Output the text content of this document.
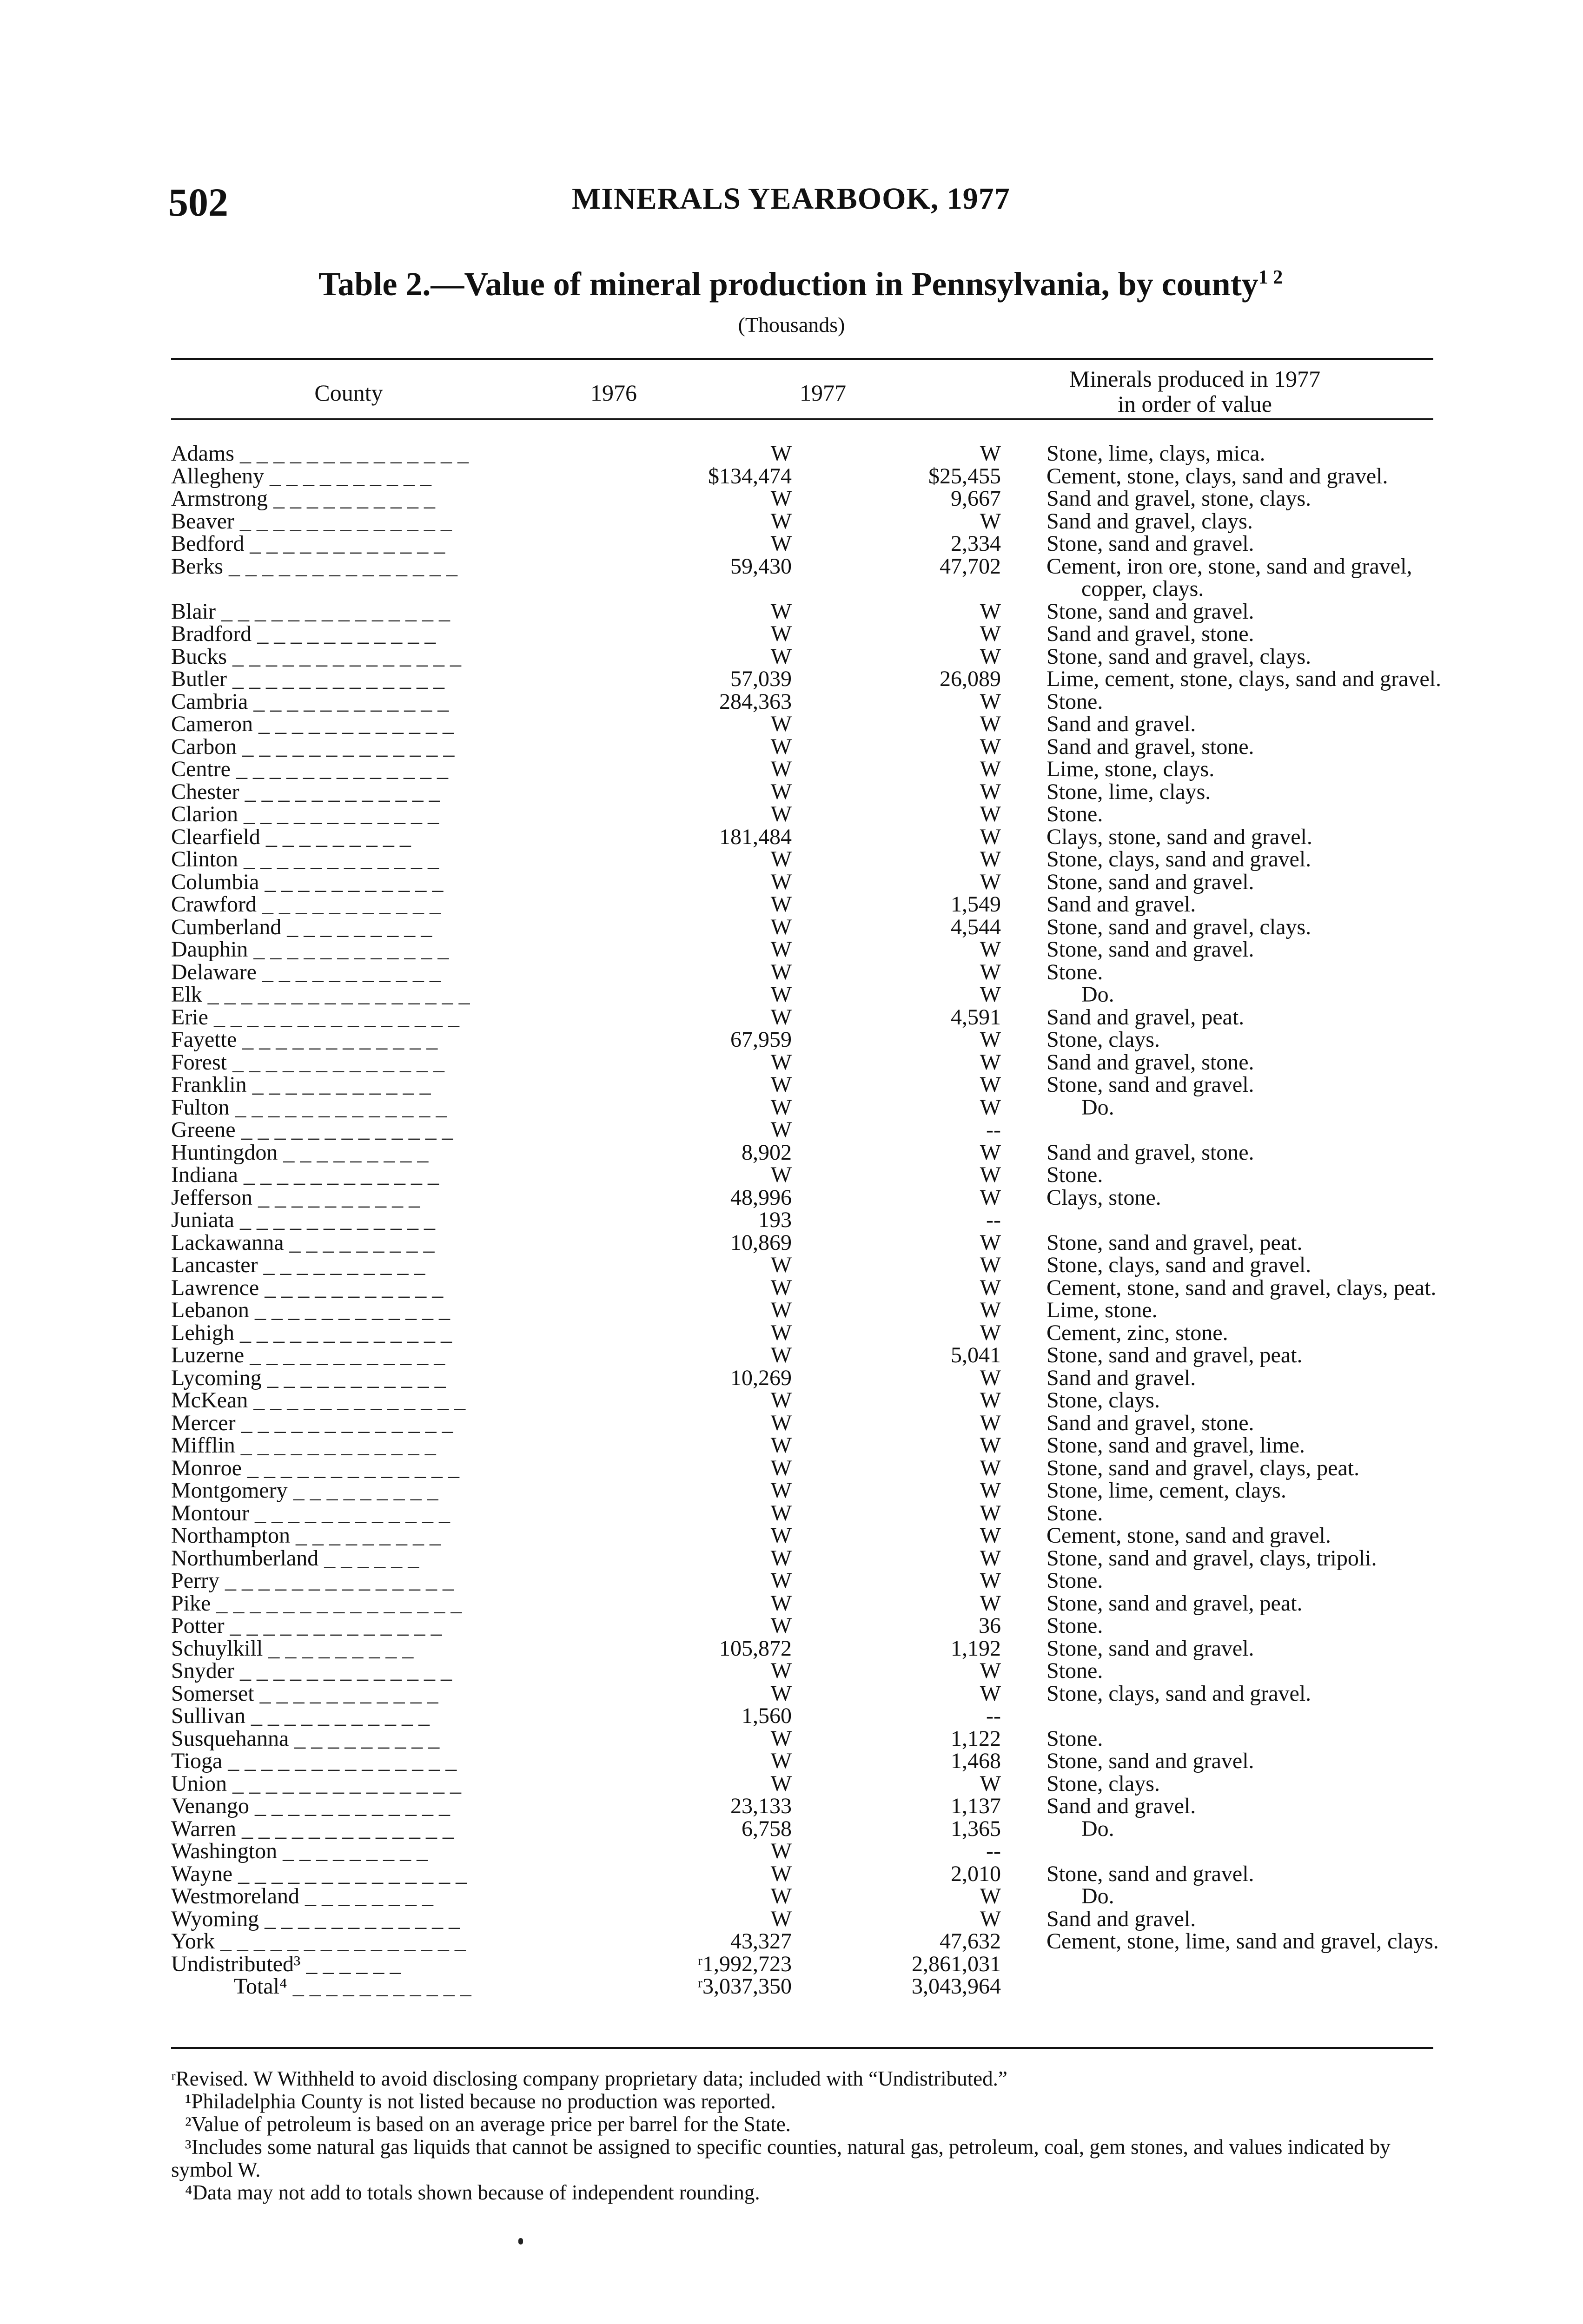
502	MINERALS YEARBOOK, 1977
Table 2.—Value of mineral production in Pennsylvania, by county$^{1 2}$
(Thousands)
County	1976	1977
Minerals produced in 1977
in order of value
Adams _ _ _ _ _ _ _ _ _ _ _ _ _ _	W	W	Stone, lime, clays, mica.

Allegheny _ _ _ _ _ _ _ _ _ _	$134,474	$25,455	Cement, stone, clays, sand and gravel.

Armstrong _ _ _ _ _ _ _ _ _ _	W	9,667	Sand and gravel, stone, clays.

Beaver _ _ _ _ _ _ _ _ _ _ _ _ _	W	W	Sand and gravel, clays.

Bedford _ _ _ _ _ _ _ _ _ _ _ _	W	2,334	Stone, sand and gravel.

Berks _ _ _ _ _ _ _ _ _ _ _ _ _ _	59,430	47,702	Cement, iron ore, stone, sand and gravel,
copper, clays.

Blair _ _ _ _ _ _ _ _ _ _ _ _ _ _	W	W	Stone, sand and gravel.

Bradford _ _ _ _ _ _ _ _ _ _ _	W	W	Sand and gravel, stone.

Bucks _ _ _ _ _ _ _ _ _ _ _ _ _ _	W	W	Stone, sand and gravel, clays.

Butler _ _ _ _ _ _ _ _ _ _ _ _ _	57,039	26,089	Lime, cement, stone, clays, sand and gravel.

Cambria _ _ _ _ _ _ _ _ _ _ _ _	284,363	W	Stone.

Cameron _ _ _ _ _ _ _ _ _ _ _ _	W	W	Sand and gravel.

Carbon _ _ _ _ _ _ _ _ _ _ _ _ _	W	W	Sand and gravel, stone.

Centre _ _ _ _ _ _ _ _ _ _ _ _ _	W	W	Lime, stone, clays.

Chester _ _ _ _ _ _ _ _ _ _ _ _	W	W	Stone, lime, clays.

Clarion _ _ _ _ _ _ _ _ _ _ _ _	W	W	Stone.

Clearfield _ _ _ _ _ _ _ _ _	181,484	W	Clays, stone, sand and gravel.

Clinton _ _ _ _ _ _ _ _ _ _ _ _	W	W	Stone, clays, sand and gravel.

Columbia _ _ _ _ _ _ _ _ _ _ _	W	W	Stone, sand and gravel.

Crawford _ _ _ _ _ _ _ _ _ _ _	W	1,549	Sand and gravel.

Cumberland _ _ _ _ _ _ _ _ _	W	4,544	Stone, sand and gravel, clays.

Dauphin _ _ _ _ _ _ _ _ _ _ _ _	W	W	Stone, sand and gravel.

Delaware _ _ _ _ _ _ _ _ _ _ _	W	W	Stone.

Elk _ _ _ _ _ _ _ _ _ _ _ _ _ _ _ _	W	W	Do.

Erie _ _ _ _ _ _ _ _ _ _ _ _ _ _ _	W	4,591	Sand and gravel, peat.

Fayette _ _ _ _ _ _ _ _ _ _ _ _	67,959	W	Stone, clays.

Forest _ _ _ _ _ _ _ _ _ _ _ _ _	W	W	Sand and gravel, stone.

Franklin _ _ _ _ _ _ _ _ _ _ _	W	W	Stone, sand and gravel.

Fulton _ _ _ _ _ _ _ _ _ _ _ _ _	W	W	Do.

Greene _ _ _ _ _ _ _ _ _ _ _ _ _	W	--	

Huntingdon _ _ _ _ _ _ _ _ _	8,902	W	Sand and gravel, stone.

Indiana _ _ _ _ _ _ _ _ _ _ _ _	W	W	Stone.

Jefferson _ _ _ _ _ _ _ _ _ _	48,996	W	Clays, stone.

Juniata _ _ _ _ _ _ _ _ _ _ _ _	193	--	

Lackawanna _ _ _ _ _ _ _ _ _	10,869	W	Stone, sand and gravel, peat.

Lancaster _ _ _ _ _ _ _ _ _ _	W	W	Stone, clays, sand and gravel.

Lawrence _ _ _ _ _ _ _ _ _ _ _	W	W	Cement, stone, sand and gravel, clays, peat.

Lebanon _ _ _ _ _ _ _ _ _ _ _ _	W	W	Lime, stone.

Lehigh _ _ _ _ _ _ _ _ _ _ _ _ _	W	W	Cement, zinc, stone.

Luzerne _ _ _ _ _ _ _ _ _ _ _ _	W	5,041	Stone, sand and gravel, peat.

Lycoming _ _ _ _ _ _ _ _ _ _ _	10,269	W	Sand and gravel.

McKean _ _ _ _ _ _ _ _ _ _ _ _ _	W	W	Stone, clays.

Mercer _ _ _ _ _ _ _ _ _ _ _ _ _	W	W	Sand and gravel, stone.

Mifflin _ _ _ _ _ _ _ _ _ _ _ _	W	W	Stone, sand and gravel, lime.

Monroe _ _ _ _ _ _ _ _ _ _ _ _ _	W	W	Stone, sand and gravel, clays, peat.

Montgomery _ _ _ _ _ _ _ _ _	W	W	Stone, lime, cement, clays.

Montour _ _ _ _ _ _ _ _ _ _ _ _	W	W	Stone.

Northampton _ _ _ _ _ _ _ _ _	W	W	Cement, stone, sand and gravel.

Northumberland _ _ _ _ _ _	W	W	Stone, sand and gravel, clays, tripoli.

Perry _ _ _ _ _ _ _ _ _ _ _ _ _ _	W	W	Stone.

Pike _ _ _ _ _ _ _ _ _ _ _ _ _ _ _	W	W	Stone, sand and gravel, peat.

Potter _ _ _ _ _ _ _ _ _ _ _ _ _	W	36	Stone.

Schuylkill _ _ _ _ _ _ _ _ _	105,872	1,192	Stone, sand and gravel.

Snyder _ _ _ _ _ _ _ _ _ _ _ _ _	W	W	Stone.

Somerset _ _ _ _ _ _ _ _ _ _ _	W	W	Stone, clays, sand and gravel.

Sullivan _ _ _ _ _ _ _ _ _ _ _	1,560	--	

Susquehanna _ _ _ _ _ _ _ _ _	W	1,122	Stone.

Tioga _ _ _ _ _ _ _ _ _ _ _ _ _ _	W	1,468	Stone, sand and gravel.

Union _ _ _ _ _ _ _ _ _ _ _ _ _ _	W	W	Stone, clays.

Venango _ _ _ _ _ _ _ _ _ _ _ _	23,133	1,137	Sand and gravel.

Warren _ _ _ _ _ _ _ _ _ _ _ _ _	6,758	1,365	Do.

Washington _ _ _ _ _ _ _ _ _	W	--	

Wayne _ _ _ _ _ _ _ _ _ _ _ _ _ _	W	2,010	Stone, sand and gravel.

Westmoreland _ _ _ _ _ _ _ _	W	W	Do.

Wyoming _ _ _ _ _ _ _ _ _ _ _ _	W	W	Sand and gravel.

York _ _ _ _ _ _ _ _ _ _ _ _ _ _ _	43,327	47,632	Cement, stone, lime, sand and gravel, clays.

Undistributed³ _ _ _ _ _ _	ʳ1,992,723	2,861,031	

Total⁴ _ _ _ _ _ _ _ _ _ _ _	ʳ3,037,350	3,043,964	

ʳRevised. W Withheld to avoid disclosing company proprietary data; included with “Undistributed.”

¹Philadelphia County is not listed because no production was reported.

²Value of petroleum is based on an average price per barrel for the State.

³Includes some natural gas liquids that cannot be assigned to specific counties, natural gas, petroleum, coal, gem stones, and values indicated by symbol W.

⁴Data may not add to totals shown because of independent rounding.
